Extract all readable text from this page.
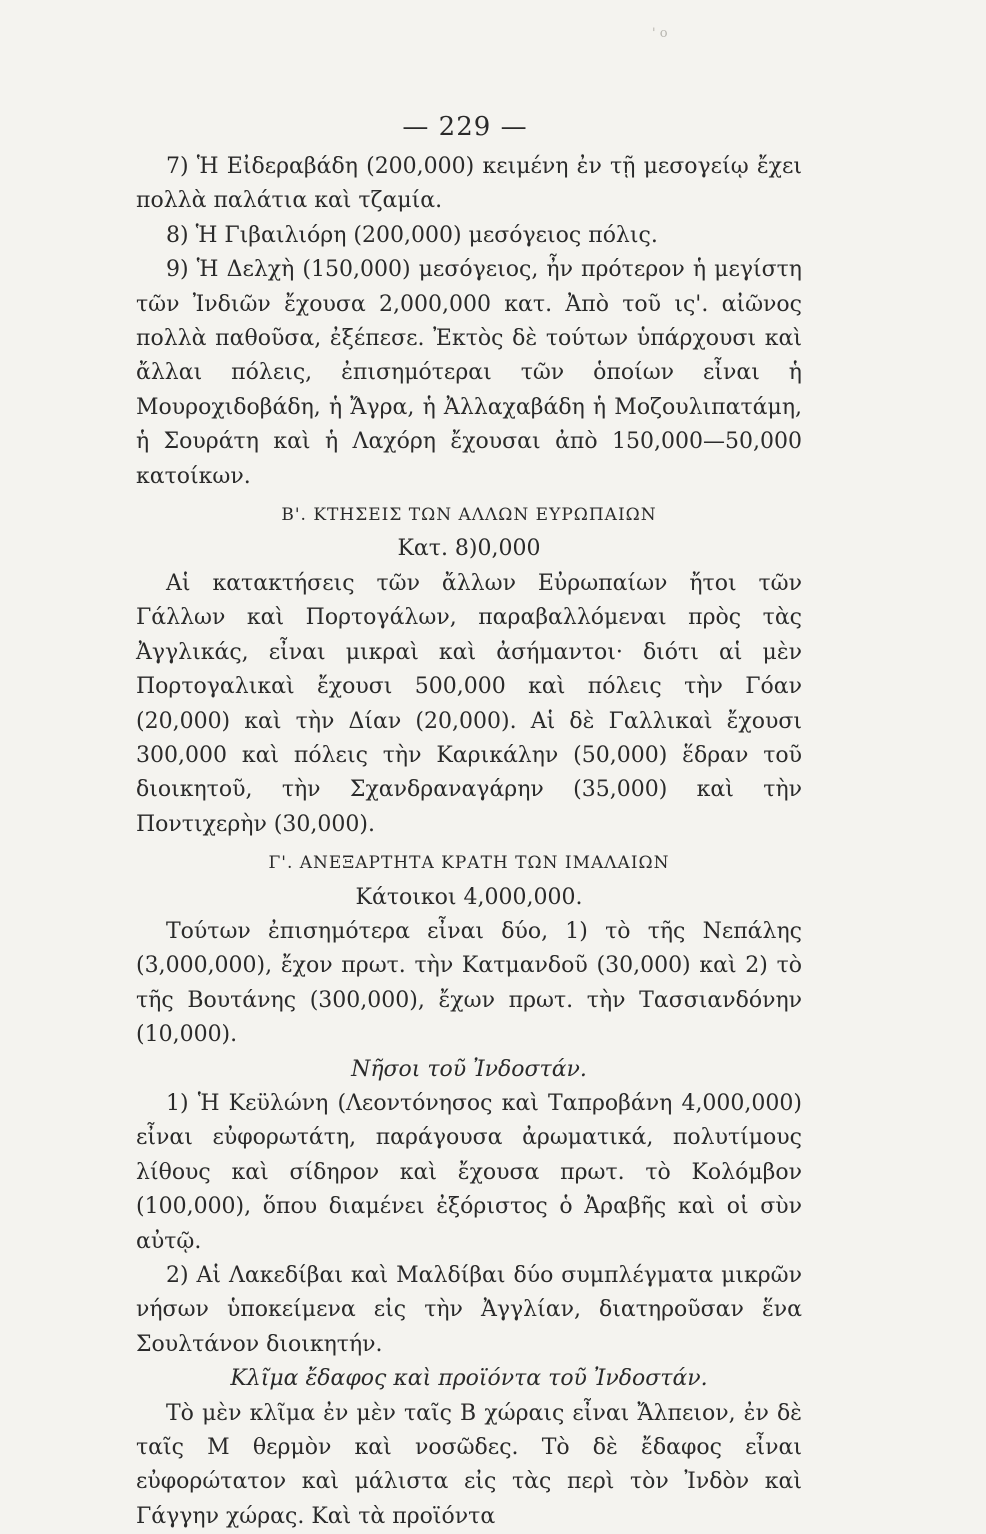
' o
— 229 —

7) Ἡ Εἰδεραβάδη (200,000) κειμένη ἐν τῇ μεσογείῳ ἔχει πολλὰ παλάτια καὶ τζαμία.

8) Ἡ Γιβαιλιόρη (200,000) μεσόγειος πόλις.

9) Ἡ Δελχὴ (150,000) μεσόγειος, ἦν πρότερον ἡ μεγίστη τῶν Ἰνδιῶν ἔχουσα 2,000,000 κατ. Ἀπὸ τοῦ ις'. αἰῶνος πολλὰ παθοῦσα, ἐξέπεσε. Ἐκτὸς δὲ τούτων ὑπάρχουσι καὶ ἄλλαι πόλεις, ἐπισημότεραι τῶν ὁποίων εἶναι ἡ Μουροχιδοβάδη, ἡ Ἄγρα, ἡ Ἀλλαχαβάδη ἡ Μοζουλιπατάμη, ἡ Σουράτη καὶ ἡ Λαχόρη ἔχουσαι ἀπὸ 150,000—50,000 κατοίκων.

Β'. ΚΤΗΣΕΙΣ ΤΩΝ ΑΛΛΩΝ ΕΥΡΩΠΑΙΩΝ

Κατ. 8)0,000

Αἱ κατακτήσεις τῶν ἄλλων Εὐρωπαίων ἤτοι τῶν Γάλλων καὶ Πορτογάλων, παραβαλλόμεναι πρὸς τὰς Ἀγγλικάς, εἶναι μικραὶ καὶ ἀσήμαντοι· διότι αἱ μὲν Πορτογαλικαὶ ἔχουσι 500,000 καὶ πόλεις τὴν Γόαν (20,000) καὶ τὴν Δίαν (20,000). Αἱ δὲ Γαλλικαὶ ἔχουσι 300,000 καὶ πόλεις τὴν Καρικάλην (50,000) ἕδραν τοῦ διοικητοῦ, τὴν Σχανδραναγάρην (35,000) καὶ τὴν Ποντιχερὴν (30,000).

Γ'. ΑΝΕΞΑΡΤΗΤΑ ΚΡΑΤΗ ΤΩΝ ΙΜΑΛΑΙΩΝ

Κάτοικοι 4,000,000.

Τούτων ἐπισημότερα εἶναι δύο, 1) τὸ τῆς Νεπάλης (3,000,000), ἔχον πρωτ. τὴν Κατμανδοῦ (30,000) καὶ 2) τὸ τῆς Βουτάνης (300,000), ἔχων πρωτ. τὴν Τασσιανδόνην (10,000).

Νῆσοι τοῦ Ἰνδοστάν.

1) Ἡ Κεϋλώνη (Λεοντόνησος καὶ Ταπροβάνη 4,000,000) εἶναι εὐφορωτάτη, παράγουσα ἀρωματικά, πολυτίμους λίθους καὶ σίδηρον καὶ ἔχουσα πρωτ. τὸ Κολόμβον (100,000), ὅπου διαμένει ἐξόριστος ὁ Ἀραβῆς καὶ οἱ σὺν αὐτῷ.

2) Αἱ Λακεδίβαι καὶ Μαλδίβαι δύο συμπλέγματα μικρῶν νήσων ὑποκείμενα εἰς τὴν Ἀγγλίαν, διατηροῦσαν ἕνα Σουλτάνον διοικητήν.

Κλῖμα ἔδαφος καὶ προϊόντα τοῦ Ἰνδοστάν.

Τὸ μὲν κλῖμα ἐν μὲν ταῖς Β χώραις εἶναι Ἄλπειον, ἐν δὲ ταῖς Μ θερμὸν καὶ νοσῶδες. Τὸ δὲ ἔδαφος εἶναι εὐφορώτατον καὶ μάλιστα εἰς τὰς περὶ τὸν Ἰνδὸν καὶ Γάγγην χώρας. Καὶ τὰ προϊόντα
